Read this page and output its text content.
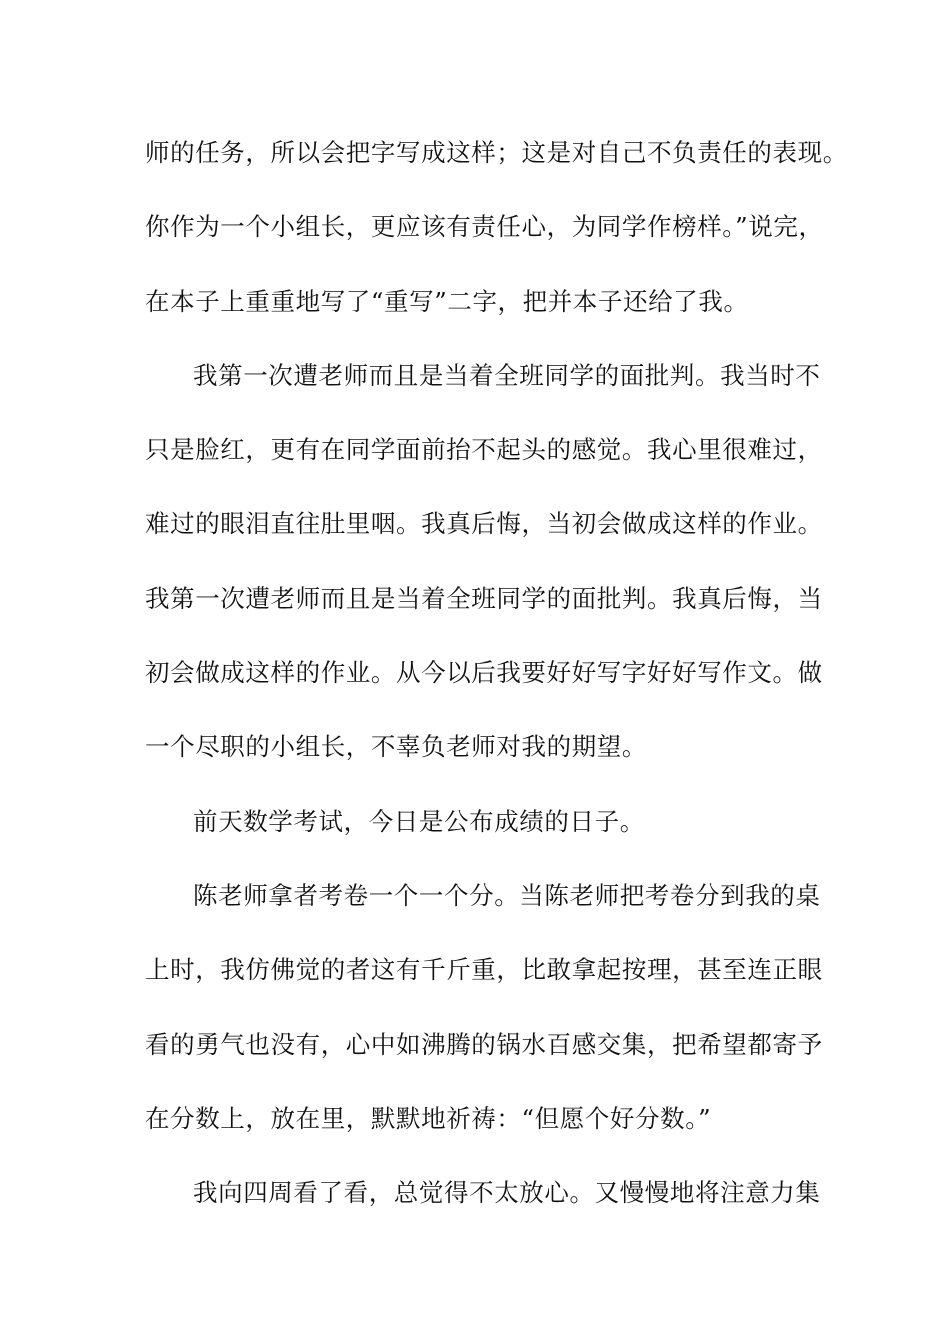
师的任务，所以会把字写成这样；这是对自己不负责任的表现。
你作为一个小组长，更应该有责任心，为同学作榜样。”说完，
在本子上重重地写了“重写”二字，把并本子还给了我。
我第一次遭老师而且是当着全班同学的面批判。我当时不
只是脸红，更有在同学面前抬不起头的感觉。我心里很难过，
难过的眼泪直往肚里咽。我真后悔，当初会做成这样的作业。
我第一次遭老师而且是当着全班同学的面批判。我真后悔，当
初会做成这样的作业。从今以后我要好好写字好好写作文。做
一个尽职的小组长，不辜负老师对我的期望。
前天数学考试，今日是公布成绩的日子。
陈老师拿者考卷一个一个分。当陈老师把考卷分到我的桌
上时，我仿佛觉的者这有千斤重，比敢拿起按理，甚至连正眼
看的勇气也没有，心中如沸腾的锅水百感交集，把希望都寄予
在分数上，放在里，默默地祈祷：“但愿个好分数。”
我向四周看了看，总觉得不太放心。又慢慢地将注意力集
